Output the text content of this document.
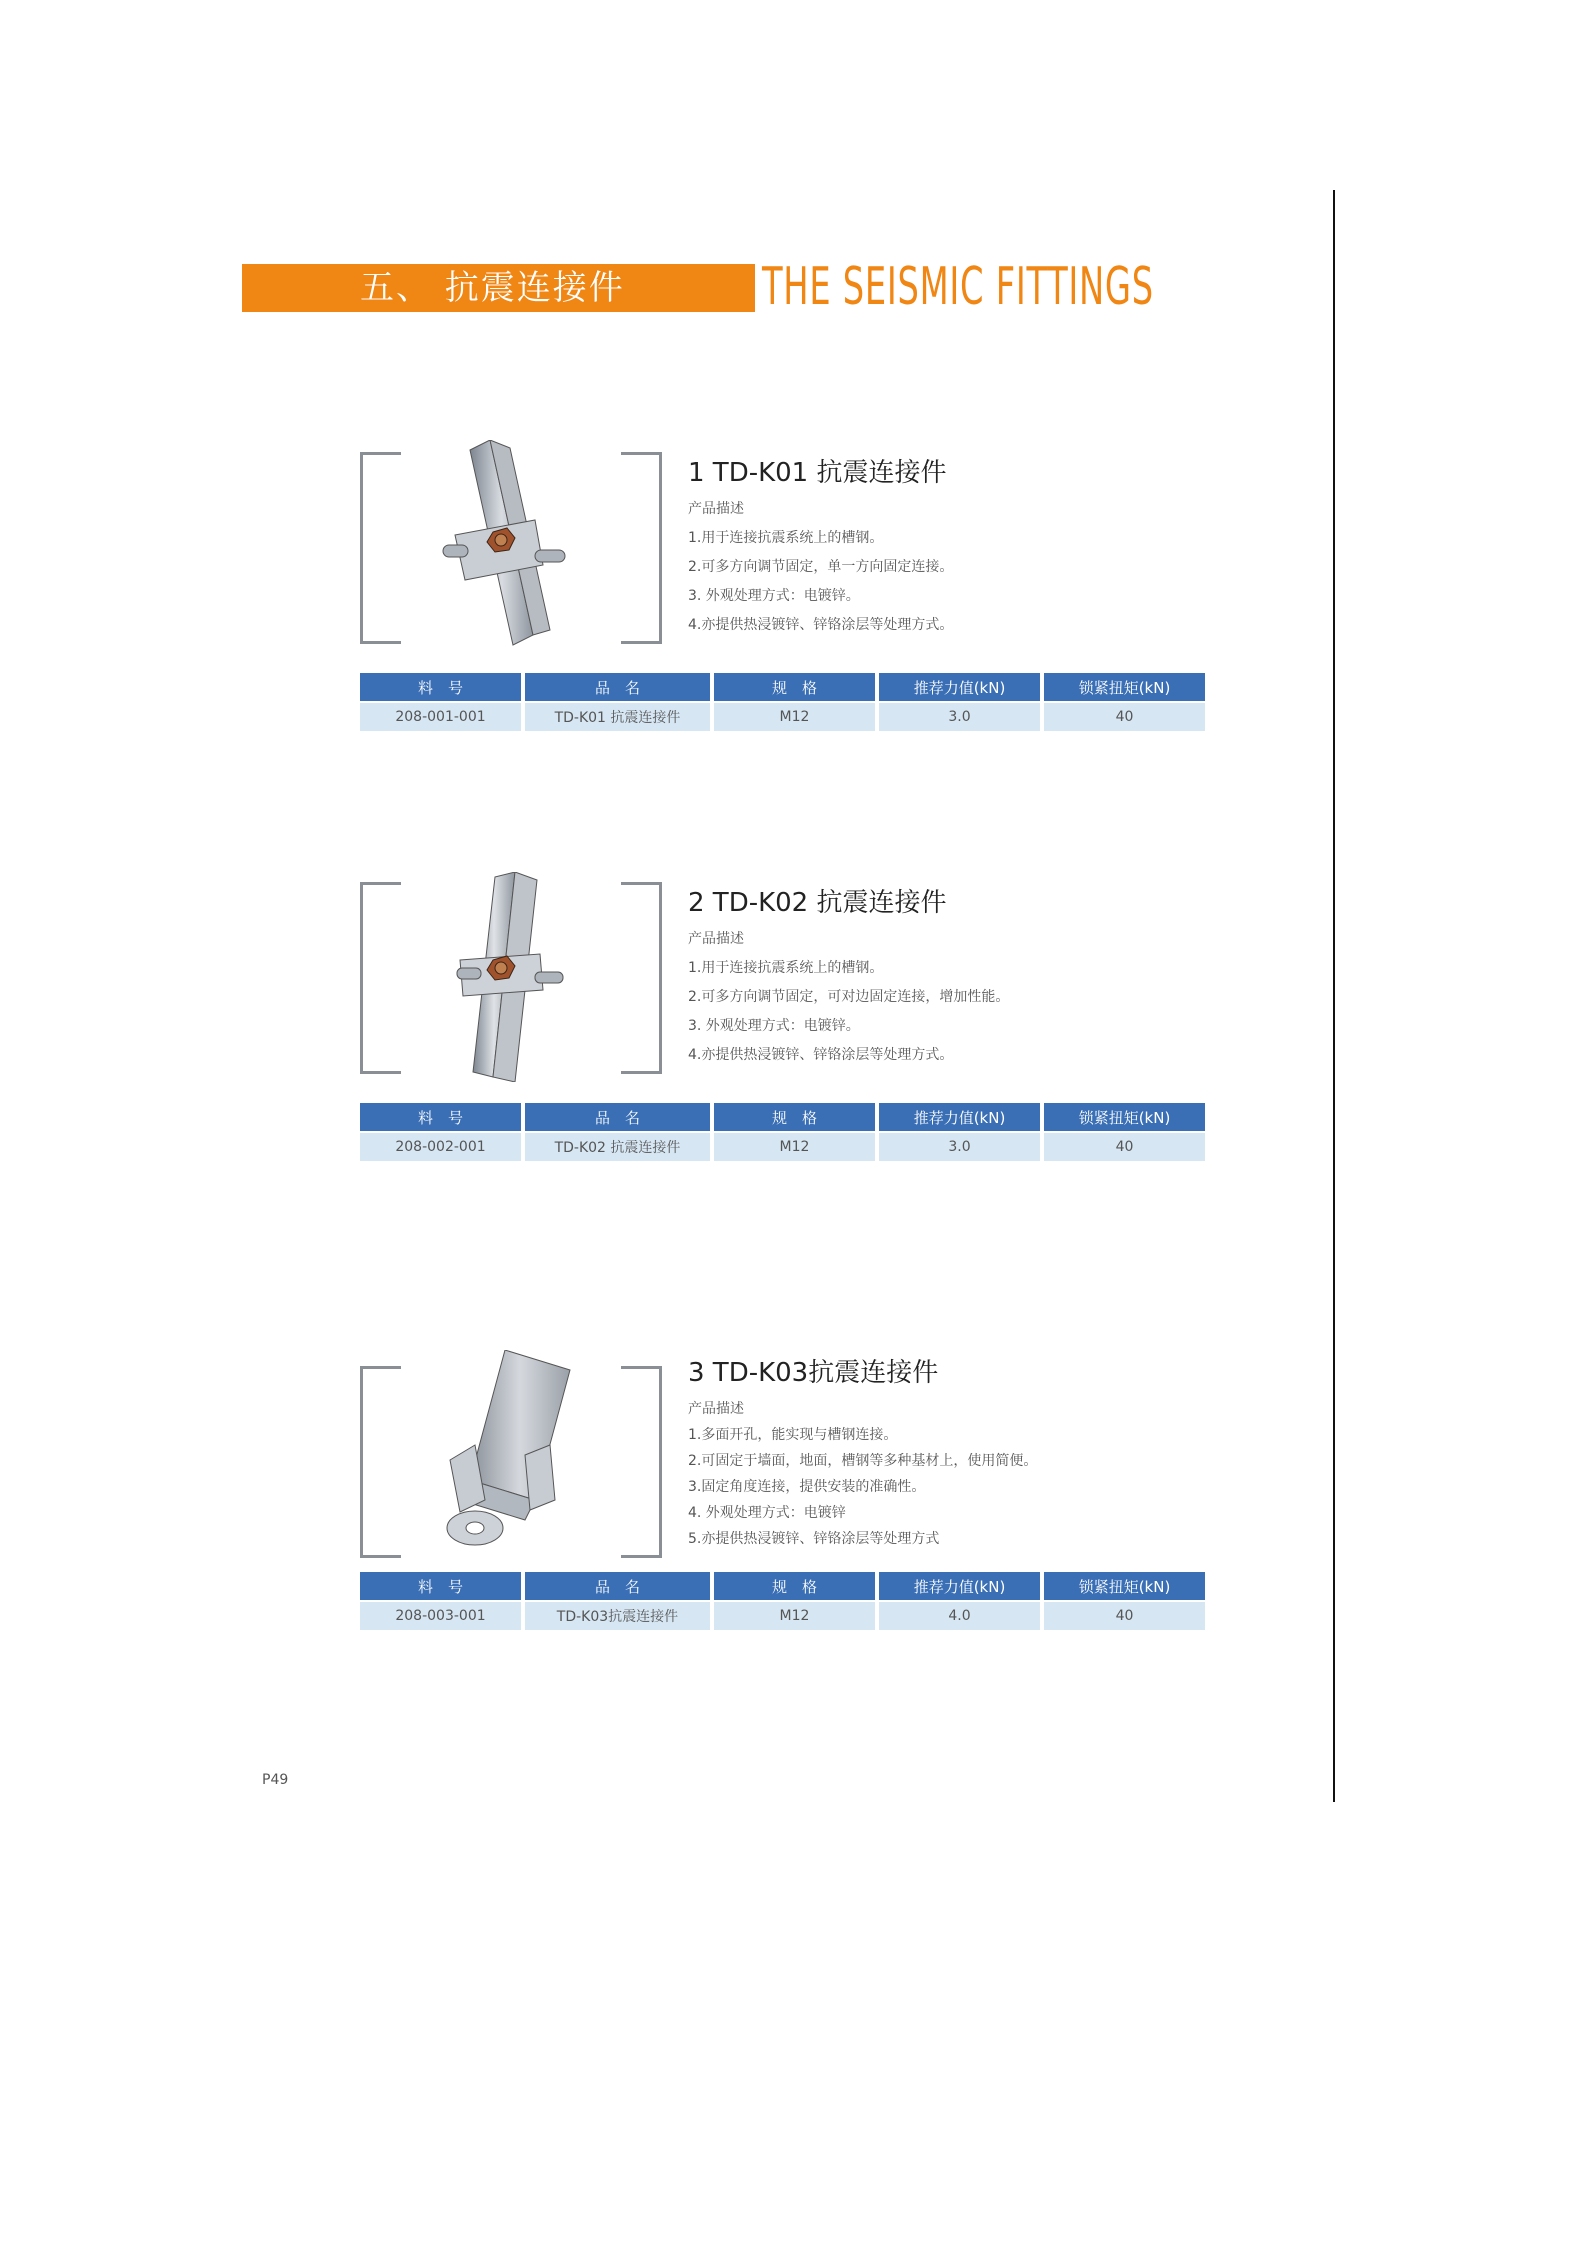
五、 抗震连接件	THE SEISMIC FITTINGS
1 TD-K01 抗震连接件
产品描述
1.用于连接抗震系统上的槽钢。
2.可多方向调节固定，单一方向固定连接。
3. 外观处理方式：电镀锌。
4.亦提供热浸镀锌、锌铬涂层等处理方式。
料　号	品　名	规　格	推荐力值(kN)	锁紧扭矩(kN)
208-001-001	TD-K01 抗震连接件	M12	3.0	40
2 TD-K02 抗震连接件
产品描述
1.用于连接抗震系统上的槽钢。
2.可多方向调节固定，可对边固定连接，增加性能。
3. 外观处理方式：电镀锌。
4.亦提供热浸镀锌、锌铬涂层等处理方式。
料　号	品　名	规　格	推荐力值(kN)	锁紧扭矩(kN)
208-002-001	TD-K02 抗震连接件	M12	3.0	40
3 TD-K03抗震连接件
产品描述
1.多面开孔，能实现与槽钢连接。
2.可固定于墙面，地面，槽钢等多种基材上，使用简便。
3.固定角度连接，提供安装的准确性。
4. 外观处理方式：电镀锌
5.亦提供热浸镀锌、锌铬涂层等处理方式
料　号	品　名	规　格	推荐力值(kN)	锁紧扭矩(kN)
208-003-001	TD-K03抗震连接件	M12	4.0	40
P49
